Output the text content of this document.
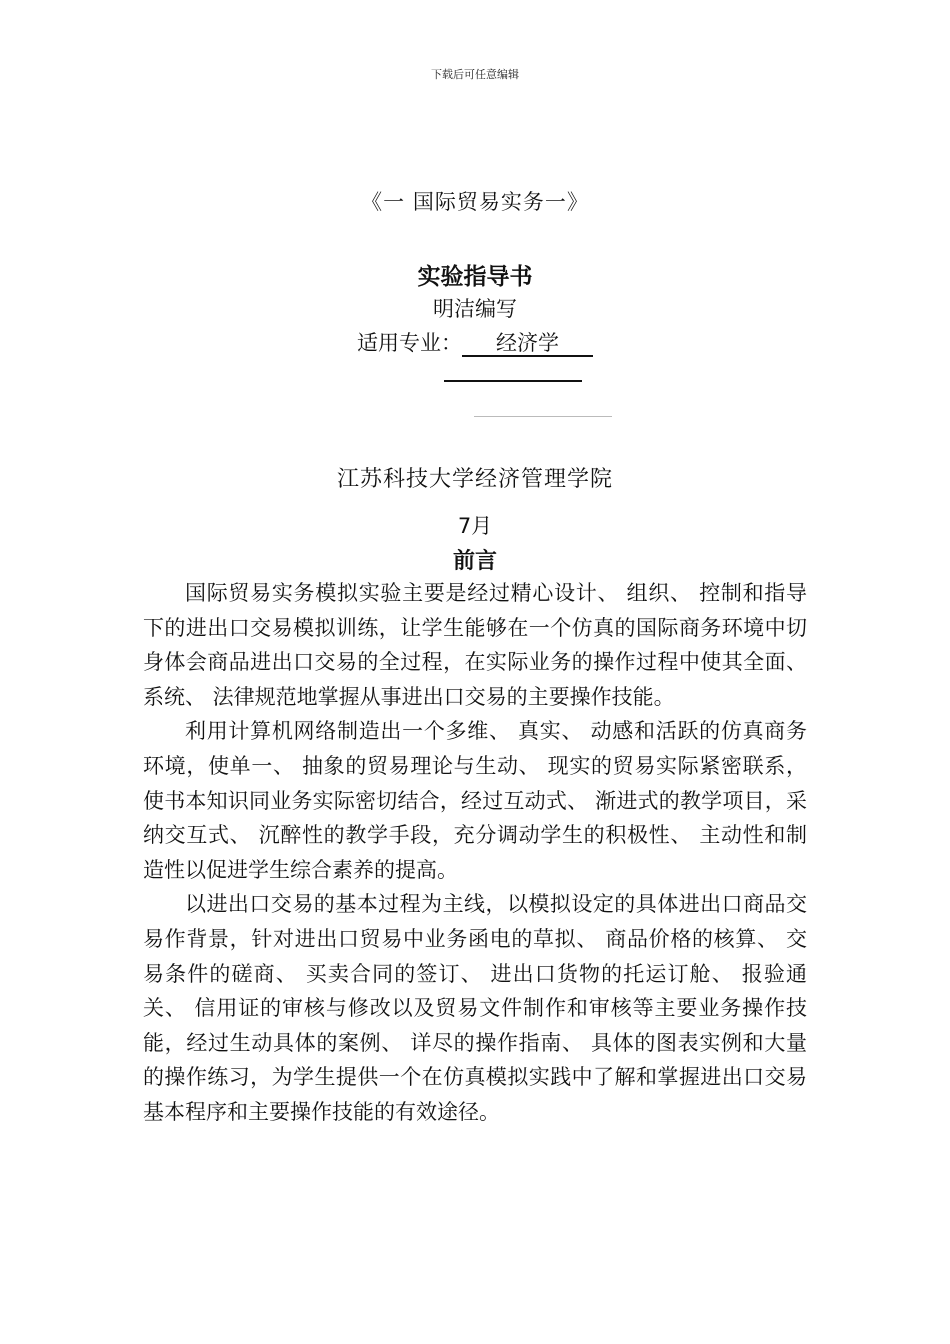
下载后可任意编辑
《一 国际贸易实务一》
实验指导书
明洁编写
适用专业： 经济学
江苏科技大学经济管理学院
7月
前言

国际贸易实务模拟实验主要是经过精心设计、 组织、 控制和指导下的进出口交易模拟训练，让学生能够在一个仿真的国际商务环境中切身体会商品进出口交易的全过程，在实际业务的操作过程中使其全面、 系统、 法律规范地掌握从事进出口交易的主要操作技能。

利用计算机网络制造出一个多维、 真实、 动感和活跃的仿真商务环境，使单一、 抽象的贸易理论与生动、 现实的贸易实际紧密联系，使书本知识同业务实际密切结合，经过互动式、 渐进式的教学项目，采纳交互式、 沉醉性的教学手段，充分调动学生的积极性、 主动性和制造性以促进学生综合素养的提高。

以进出口交易的基本过程为主线，以模拟设定的具体进出口商品交易作背景，针对进出口贸易中业务函电的草拟、 商品价格的核算、 交易条件的磋商、 买卖合同的签订、 进出口货物的托运订舱、 报验通关、 信用证的审核与修改以及贸易文件制作和审核等主要业务操作技能，经过生动具体的案例、 详尽的操作指南、 具体的图表实例和大量的操作练习，为学生提供一个在仿真模拟实践中了解和掌握进出口交易基本程序和主要操作技能的有效途径。
